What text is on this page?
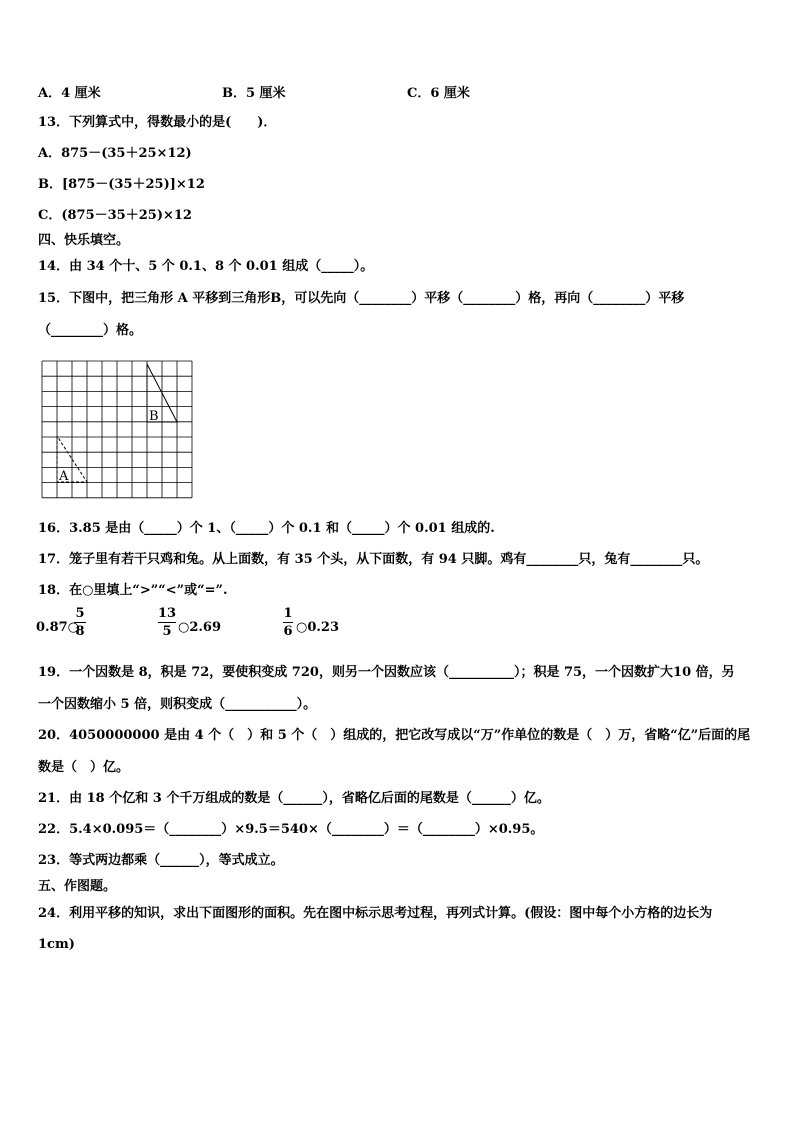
A．4 厘米	B．5 厘米	C．6 厘米
13．下列算式中，得数最小的是(　　)．
A．875－(35＋25×12)
B．[875－(35＋25)]×12
C．(875－35＋25)×12
四、快乐填空。
14．由 34 个十、5 个 0.1、8 个 0.01 组成（_____）。
15．下图中，把三角形 A 平移到三角形B，可以先向（________）平移（________）格，再向（________）平移
（________）格。
B
A
16．3.85 是由（_____）个 1、（_____）个 0.1 和（_____）个 0.01 组成的.
17．笼子里有若干只鸡和兔。从上面数，有 35 个头，从下面数，有 94 只脚。鸡有________只，兔有________只。
18．在○里填上“>”“<”或“=”.
0.87○
5
8
13
5 ○2.69
1
6 ○0.23
19．一个因数是 8，积是 72，要使积变成 720，则另一个因数应该（__________）；积是 75，一个因数扩大10 倍，另
一个因数缩小 5 倍，则积变成（___________）。
20．4050000000 是由 4 个（　）和 5 个（　）组成的，把它改写成以“万”作单位的数是（　）万，省略“亿”后面的尾
数是（　）亿。
21．由 18 个亿和 3 个千万组成的数是（______），省略亿后面的尾数是（______）亿。
22．5.4×0.095＝（________）×9.5＝540×（________）＝（________）×0.95。
23．等式两边都乘（______），等式成立。
五、作图题。
24．利用平移的知识，求出下面图形的面积。先在图中标示思考过程，再列式计算。(假设：图中每个小方格的边长为
1cm)
